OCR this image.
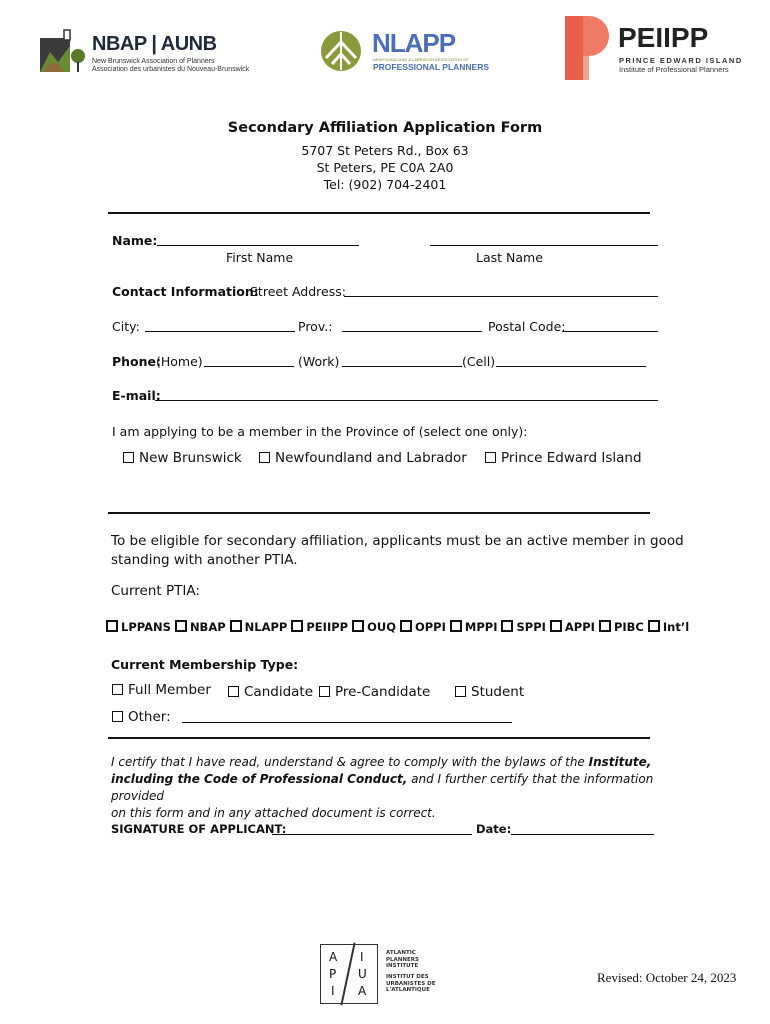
NBAP | AUNB
New Brunswick Association of Planners
Association des urbanistes du Nouveau-Brunswick
NLAPP
NEWFOUNDLAND & LABRADOR ASSOCIATION OF
PROFESSIONAL PLANNERS
PEIIPP
PRINCE EDWARD ISLAND
Institute of Professional Planners
Secondary Affiliation Application Form
5707 St Peters Rd., Box 63
St Peters, PE C0A 2A0
Tel: (902) 704-2401
Name:
First Name	Last Name
Contact Information:
Street Address:
City:	Prov.:	Postal Code:
Phone:
(Home)	(Work)	(Cell)
E-mail:
I am applying to be a member in the Province of (select one only):
New Brunswick	Newfoundland and Labrador	Prince Edward Island
To be eligible for secondary affiliation, applicants must be an active member in good
standing with another PTIA.
Current PTIA:
LPPANS NBAP NLAPP PEIIPP OUQ OPPI MPPI SPPI APPI PIBC Int’l
Current Membership Type:
Full Member	Candidate	Pre-Candidate	Student
Other:
I certify that I have read, understand & agree to comply with the bylaws of the Institute,
including the Code of Professional Conduct, and I further certify that the information provided
on this form and in any attached document is correct.
SIGNATURE OF APPLICANT:	Date:
A
P
I
I
U
A
ATLANTIC
PLANNERS
INSTITUTE
INSTITUT DES
URBANISTES DE
L'ATLANTIQUE
Revised: October 24, 2023
